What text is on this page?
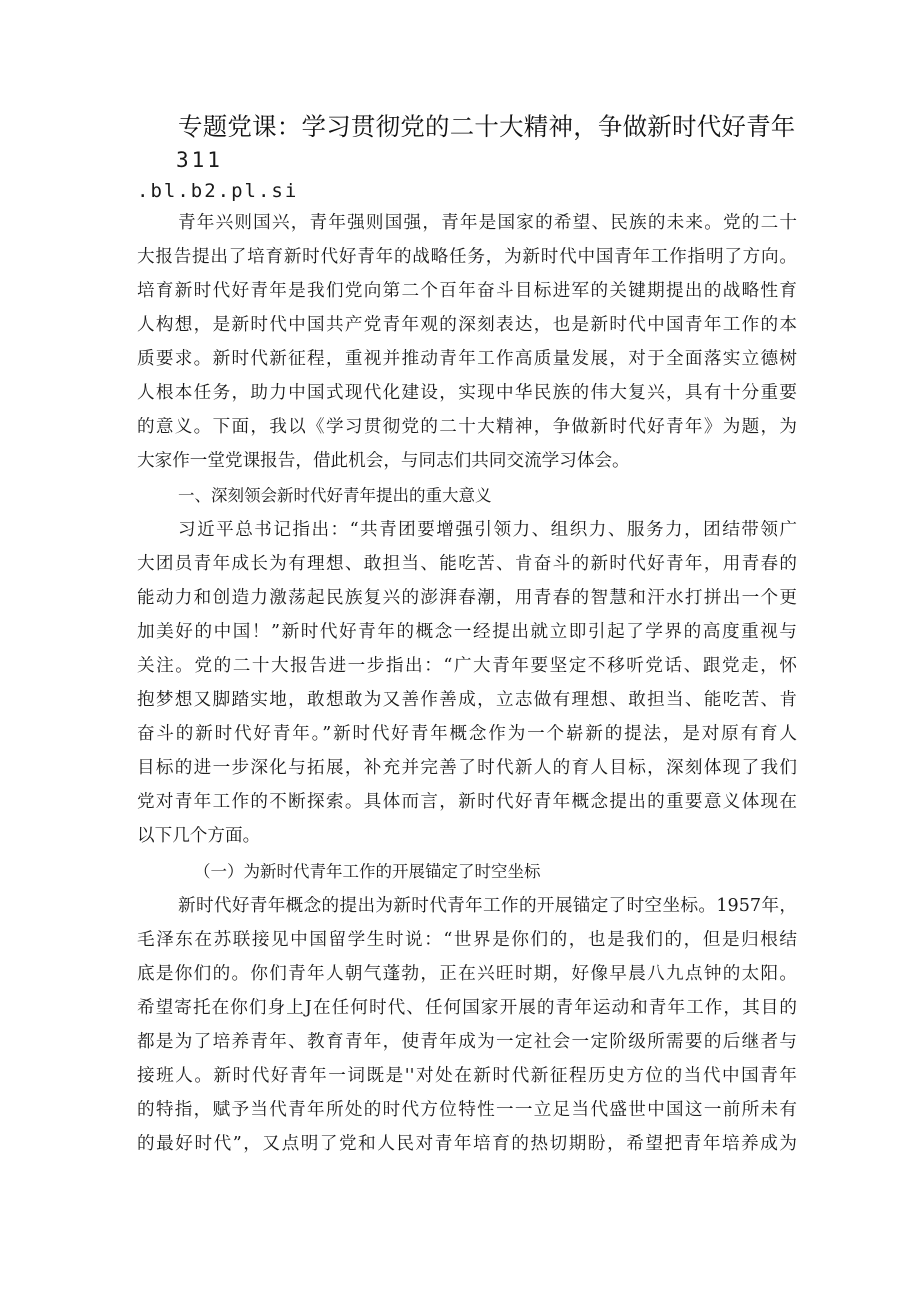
专题党课：学习贯彻党的二十大精神，争做新时代好青年
311
.bl.b2.pl.si
青年兴则国兴，青年强则国强，青年是国家的希望、民族的未来。党的二十
大报告提出了培育新时代好青年的战略任务，为新时代中国青年工作指明了方向。
培育新时代好青年是我们党向第二个百年奋斗目标进军的关键期提出的战略性育
人构想，是新时代中国共产党青年观的深刻表达，也是新时代中国青年工作的本
质要求。新时代新征程，重视并推动青年工作高质量发展，对于全面落实立德树
人根本任务，助力中国式现代化建设，实现中华民族的伟大复兴，具有十分重要
的意义。下面，我以《学习贯彻党的二十大精神，争做新时代好青年》为题，为
大家作一堂党课报告，借此机会，与同志们共同交流学习体会。
一、深刻领会新时代好青年提出的重大意义
习近平总书记指出：“共青团要增强引领力、组织力、服务力，团结带领广
大团员青年成长为有理想、敢担当、能吃苦、肯奋斗的新时代好青年，用青春的
能动力和创造力激荡起民族复兴的澎湃春潮，用青春的智慧和汗水打拼出一个更
加美好的中国！”新时代好青年的概念一经提出就立即引起了学界的高度重视与
关注。党的二十大报告进一步指出：“广大青年要坚定不移听党话、跟党走，怀
抱梦想又脚踏实地，敢想敢为又善作善成，立志做有理想、敢担当、能吃苦、肯
奋斗的新时代好青年。”新时代好青年概念作为一个崭新的提法，是对原有育人
目标的进一步深化与拓展，补充并完善了时代新人的育人目标，深刻体现了我们
党对青年工作的不断探索。具体而言，新时代好青年概念提出的重要意义体现在
以下几个方面。
（一）为新时代青年工作的开展锚定了时空坐标
新时代好青年概念的提出为新时代青年工作的开展锚定了时空坐标。1957年，
毛泽东在苏联接见中国留学生时说：“世界是你们的，也是我们的，但是归根结
底是你们的。你们青年人朝气蓬勃，正在兴旺时期，好像早晨八九点钟的太阳。
希望寄托在你们身上J在任何时代、任何国家开展的青年运动和青年工作，其目的
都是为了培养青年、教育青年，使青年成为一定社会一定阶级所需要的后继者与
接班人。新时代好青年一词既是''对处在新时代新征程历史方位的当代中国青年
的特指，赋予当代青年所处的时代方位特性一一立足当代盛世中国这一前所未有
的最好时代”，又点明了党和人民对青年培育的热切期盼，希望把青年培养成为
